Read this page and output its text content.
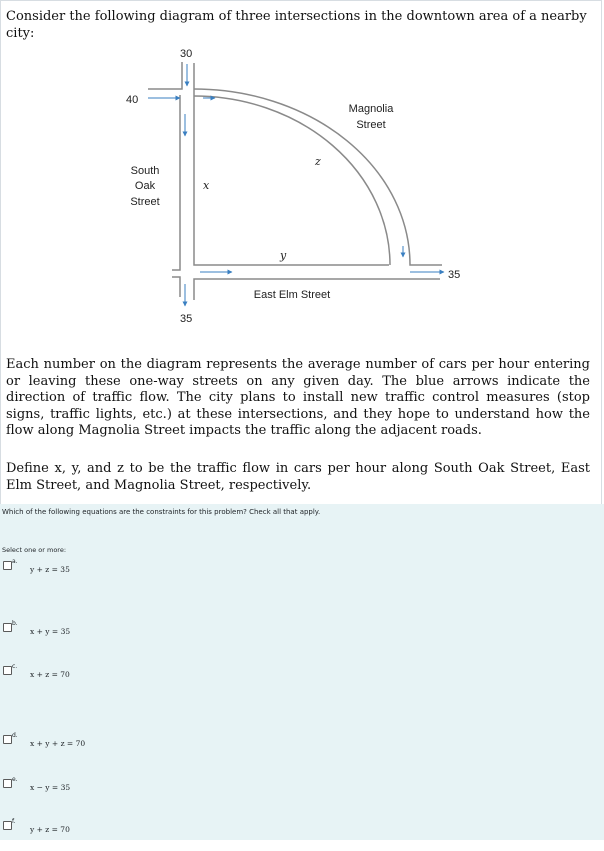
Consider the following diagram of three intersections in the downtown area of a nearby city:
30
40
35
35
Magnolia
Street
South
Oak
Street
East Elm Street
x
y
z
Each number on the diagram represents the average number of cars per hour entering or leaving these one-way streets on any given day. The blue arrows indicate the direction of traffic flow. The city plans to install new traffic control measures (stop signs, traffic lights, etc.) at these intersections, and they hope to understand how the flow along Magnolia Street impacts the traffic along the adjacent roads.
Define x, y, and z to be the traffic flow in cars per hour along South Oak Street, East Elm Street, and Magnolia Street, respectively.
Which of the following equations are the constraints for this problem? Check all that apply.
Select one or more:
a.
y + z = 35
b.
x + y = 35
c.
x + z = 70
d.
x + y + z = 70
e.
x − y = 35
f.
y + z = 70
